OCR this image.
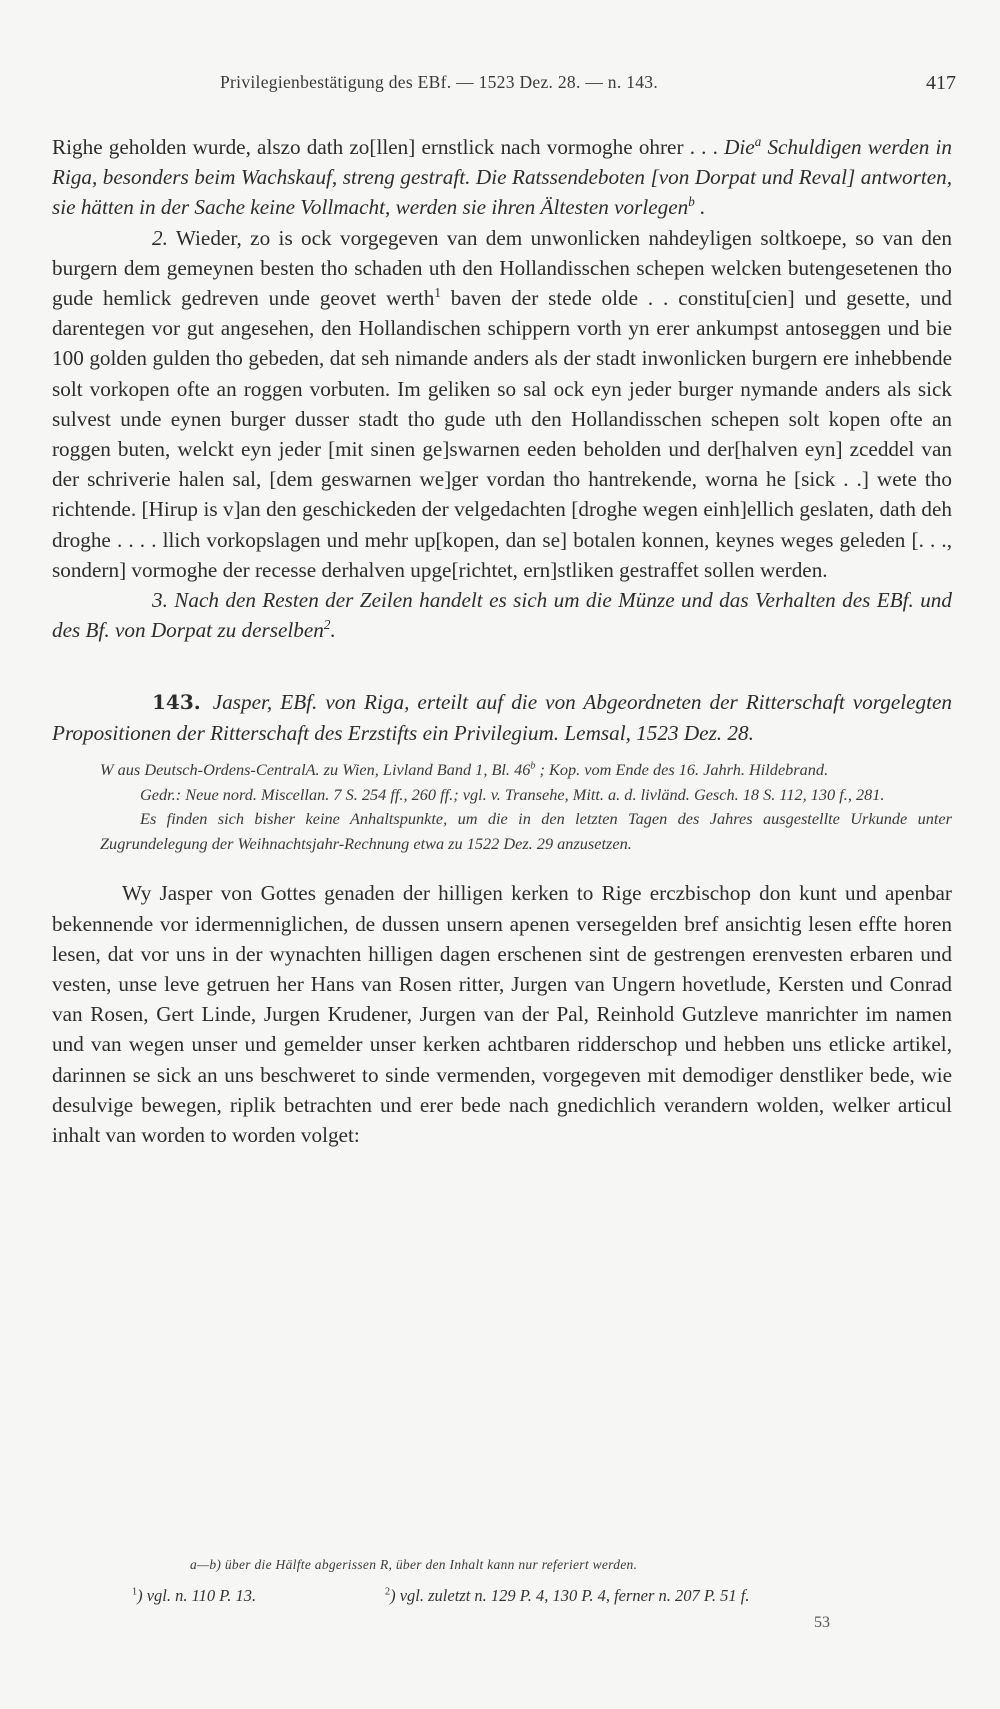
Privilegienbestätigung des EBf. — 1523 Dez. 28. — n. 143.	417

Righe geholden wurde, alszo dath zo[llen] ernstlick nach vormoghe ohrer . . . Die$^a$ Schuldigen werden in Riga, besonders beim Wachskauf, streng gestraft. Die Ratssendeboten [von Dorpat und Reval] antworten, sie hätten in der Sache keine Vollmacht, werden sie ihren Ältesten vorlegen$^b$ .

2. Wieder, zo is ock vorgegeven van dem unwonlicken nahdeyligen soltkoepe, so van den burgern dem gemeynen besten tho schaden uth den Hollandisschen schepen welcken butengesetenen tho gude hemlick gedreven unde geovet werth$^1$ baven der stede olde . . constitu[cien] und gesette, und darentegen vor gut angesehen, den Hollandischen schippern vorth yn erer ankumpst antoseggen und bie 100 golden gulden tho gebeden, dat seh nimande anders als der stadt inwonlicken burgern ere inhebbende solt vorkopen ofte an roggen vorbuten. Im geliken so sal ock eyn jeder burger nymande anders als sick sulvest unde eynen burger dusser stadt tho gude uth den Hollandisschen schepen solt kopen ofte an roggen buten, welckt eyn jeder [mit sinen ge]swarnen eeden beholden und der[halven eyn] zceddel van der schriverie halen sal, [dem geswarnen we]ger vordan tho hantrekende, worna he [sick . .] wete tho richtende. [Hirup is v]an den geschickeden der velgedachten [droghe wegen einh]ellich geslaten, dath deh droghe . . . . llich vorkopslagen und mehr up[kopen, dan se] botalen konnen, keynes weges geleden [. . ., sondern] vormoghe der recesse derhalven upge[richtet, ern]stliken gestraffet sollen werden.

3. Nach den Resten der Zeilen handelt es sich um die Münze und das Verhalten des EBf. und des Bf. von Dorpat zu derselben$^2$.

143. Jasper, EBf. von Riga, erteilt auf die von Abgeordneten der Ritterschaft vorgelegten Propositionen der Ritterschaft des Erzstifts ein Privilegium. Lemsal, 1523 Dez. 28.

W aus Deutsch-Ordens-CentralA. zu Wien, Livland Band 1, Bl. 46$^b$ ; Kop. vom Ende des 16. Jahrh. Hildebrand.

Gedr.: Neue nord. Miscellan. 7 S. 254 ff., 260 ff.; vgl. v. Transehe, Mitt. a. d. livländ. Gesch. 18 S. 112, 130 f., 281.

Es finden sich bisher keine Anhaltspunkte, um die in den letzten Tagen des Jahres ausgestellte Urkunde unter Zugrundelegung der Weihnachtsjahr-Rechnung etwa zu 1522 Dez. 29 anzusetzen.

Wy Jasper von Gottes genaden der hilligen kerken to Rige erczbischop don kunt und apenbar bekennende vor idermenniglichen, de dussen unsern apenen versegelden bref ansichtig lesen effte horen lesen, dat vor uns in der wynachten hilligen dagen erschenen sint de gestrengen erenvesten erbaren und vesten, unse leve getruen her Hans van Rosen ritter, Jurgen van Ungern hovetlude, Kersten und Conrad van Rosen, Gert Linde, Jurgen Krudener, Jurgen van der Pal, Reinhold Gutzleve manrichter im namen und van wegen unser und gemelder unser kerken achtbaren ridderschop und hebben uns etlicke artikel, darinnen se sick an uns beschweret to sinde vermenden, vorgegeven mit demodiger denstliker bede, wie desulvige bewegen, riplik betrachten und erer bede nach gnedichlich verandern wolden, welker articul inhalt van worden to worden volget:

a—b) über die Hälfte abgerissen R, über den Inhalt kann nur referiert werden.
$^1$ ) vgl. n. 110 P. 13.	$^2$ ) vgl. zuletzt n. 129 P. 4, 130 P. 4, ferner n. 207 P. 51 f.
53
